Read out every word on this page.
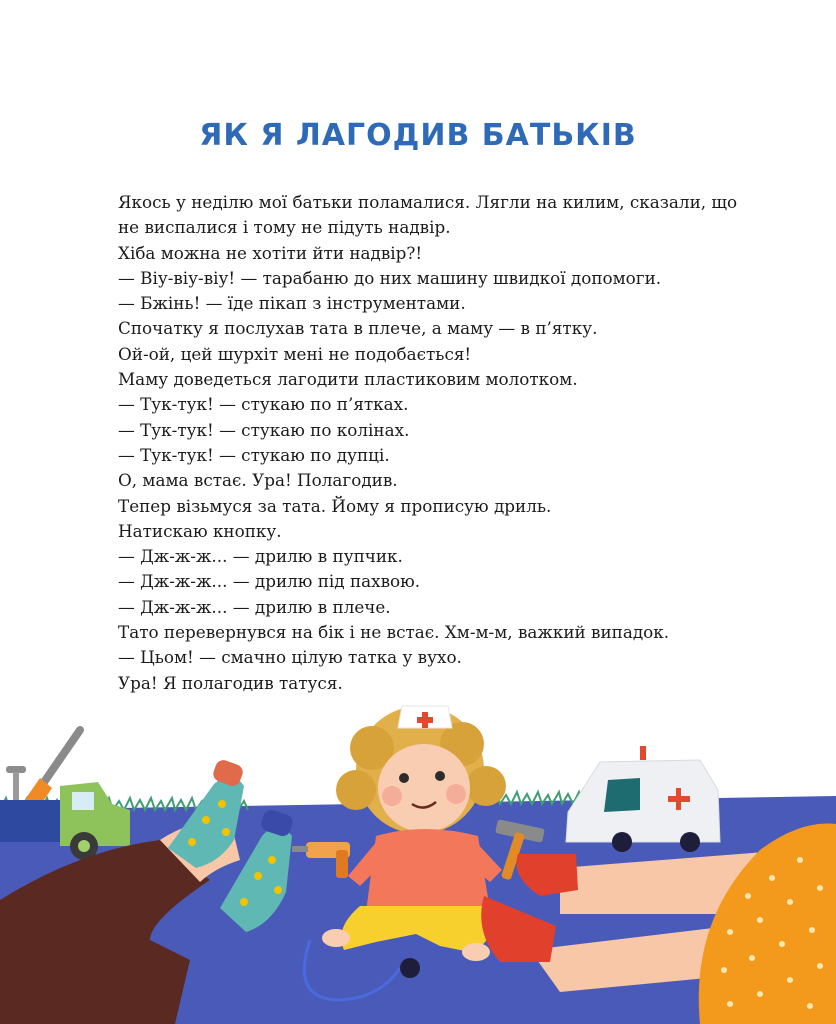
ЯК Я ЛАГОДИВ БАТЬКІВ

Якось у неділю мої батьки поламалися. Лягли на килим, сказали, що не виспалися і тому не підуть надвір.

Хіба можна не хотіти йти надвір?!

— Віу-віу-віу! — тарабаню до них машину швидкої допомоги.

— Бжінь! — їде пікап з інструментами.

Спочатку я послухав тата в плече, а маму — в п’ятку.

Ой-ой, цей шурхіт мені не подобається!

Маму доведеться лагодити пластиковим молотком.

— Тук-тук! — стукаю по п’ятках.

— Тук-тук! — стукаю по колінах.

— Тук-тук! — стукаю по дупці.

О, мама встає. Ура! Полагодив.

Тепер візьмуся за тата. Йому я прописую дриль.

Натискаю кнопку.

— Дж-ж-ж... — дрилю в пупчик.

— Дж-ж-ж... — дрилю під пахвою.

— Дж-ж-ж... — дрилю в плече.

Тато перевернувся на бік і не встає. Хм-м-м, важкий випадок.

— Цьом! — смачно цілую татка у вухо.

Ура! Я полагодив татуся.
